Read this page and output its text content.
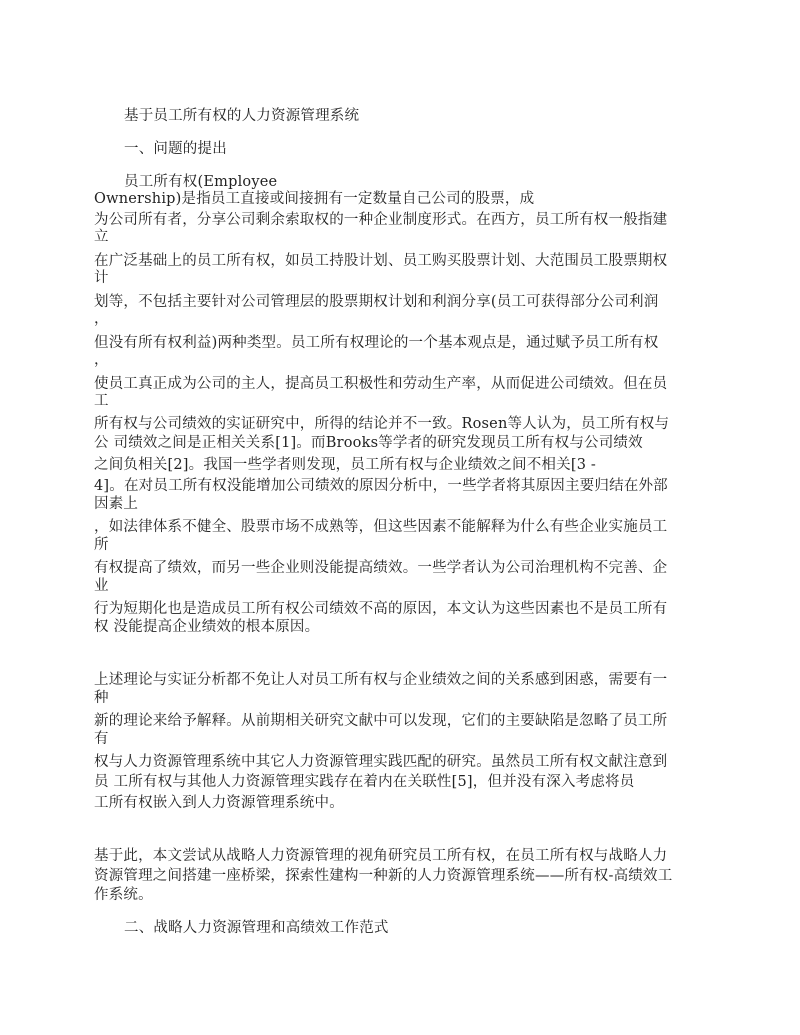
基于员工所有权的人力资源管理系统
一、问题的提出
员工所有权(Employee
Ownership)是指员工直接或间接拥有一定数量自己公司的股票，成
为公司所有者，分享公司剩余索取权的一种企业制度形式。在西方，员工所有权一般指建
立
在广泛基础上的员工所有权，如员工持股计划、员工购买股票计划、大范围员工股票期权
计
划等，不包括主要针对公司管理层的股票期权计划和利润分享(员工可获得部分公司利润
，
但没有所有权利益)两种类型。员工所有权理论的一个基本观点是，通过赋予员工所有权
，
使员工真正成为公司的主人，提高员工积极性和劳动生产率，从而促进公司绩效。但在员
工
所有权与公司绩效的实证研究中，所得的结论并不一致。Rosen等人认为，员工所有权与
公 司绩效之间是正相关关系[1]。而Brooks等学者的研究发现员工所有权与公司绩效
之间负相关[2]。我国一些学者则发现，员工所有权与企业绩效之间不相关[3 -
4]。在对员工所有权没能增加公司绩效的原因分析中，一些学者将其原因主要归结在外部
因素上
，如法律体系不健全、股票市场不成熟等，但这些因素不能解释为什么有些企业实施员工
所
有权提高了绩效，而另一些企业则没能提高绩效。一些学者认为公司治理机构不完善、企
业
行为短期化也是造成员工所有权公司绩效不高的原因，本文认为这些因素也不是员工所有
权 没能提高企业绩效的根本原因。
上述理论与实证分析都不免让人对员工所有权与企业绩效之间的关系感到困惑，需要有一
种
新的理论来给予解释。从前期相关研究文献中可以发现，它们的主要缺陷是忽略了员工所
有
权与人力资源管理系统中其它人力资源管理实践匹配的研究。虽然员工所有权文献注意到
员 工所有权与其他人力资源管理实践存在着内在关联性[5]，但并没有深入考虑将员
工所有权嵌入到人力资源管理系统中。
基于此，本文尝试从战略人力资源管理的视角研究员工所有权，在员工所有权与战略人力
资源管理之间搭建一座桥梁，探索性建构一种新的人力资源管理系统——所有权-高绩效工
作系统。
二、战略人力资源管理和高绩效工作范式
